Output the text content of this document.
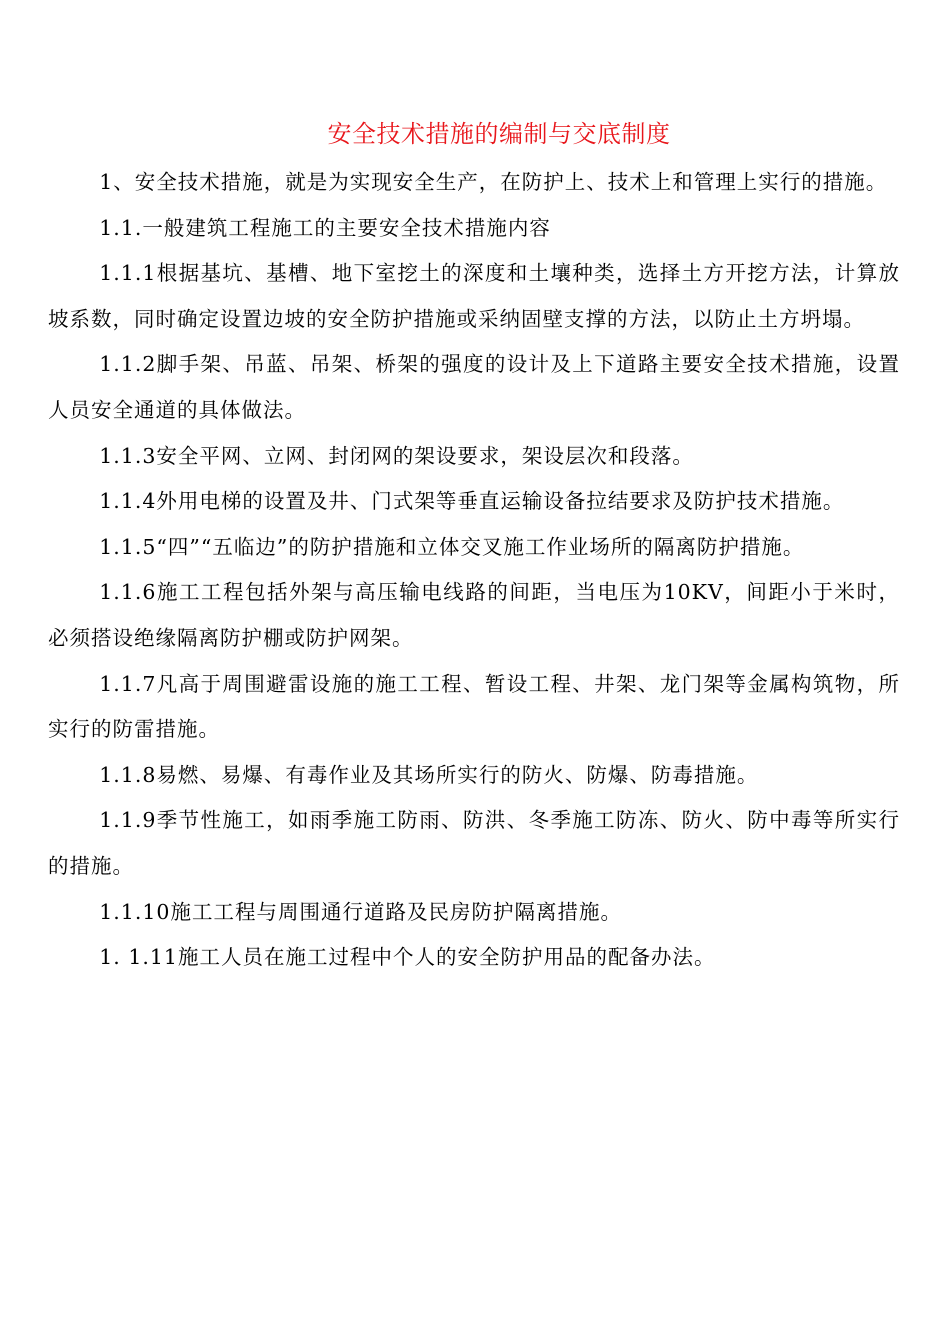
安全技术措施的编制与交底制度

1、安全技术措施，就是为实现安全生产，在防护上、技术上和管理上实行的措施。

1.1.一般建筑工程施工的主要安全技术措施内容

1.1.1根据基坑、基槽、地下室挖土的深度和土壤种类，选择土方开挖方法，计算放坡系数，同时确定设置边坡的安全防护措施或采纳固壁支撑的方法，以防止土方坍塌。

1.1.2脚手架、吊蓝、吊架、桥架的强度的设计及上下道路主要安全技术措施，设置人员安全通道的具体做法。

1.1.3安全平网、立网、封闭网的架设要求，架设层次和段落。

1.1.4外用电梯的设置及井、门式架等垂直运输设备拉结要求及防护技术措施。

1.1.5“四”“五临边”的防护措施和立体交叉施工作业场所的隔离防护措施。

1.1.6施工工程包括外架与高压输电线路的间距，当电压为10KV，间距小于米时，必须搭设绝缘隔离防护棚或防护网架。

1.1.7凡高于周围避雷设施的施工工程、暂设工程、井架、龙门架等金属构筑物，所实行的防雷措施。

1.1.8易燃、易爆、有毒作业及其场所实行的防火、防爆、防毒措施。

1.1.9季节性施工，如雨季施工防雨、防洪、冬季施工防冻、防火、防中毒等所实行的措施。

1.1.10施工工程与周围通行道路及民房防护隔离措施。

1. 1.11施工人员在施工过程中个人的安全防护用品的配备办法。
